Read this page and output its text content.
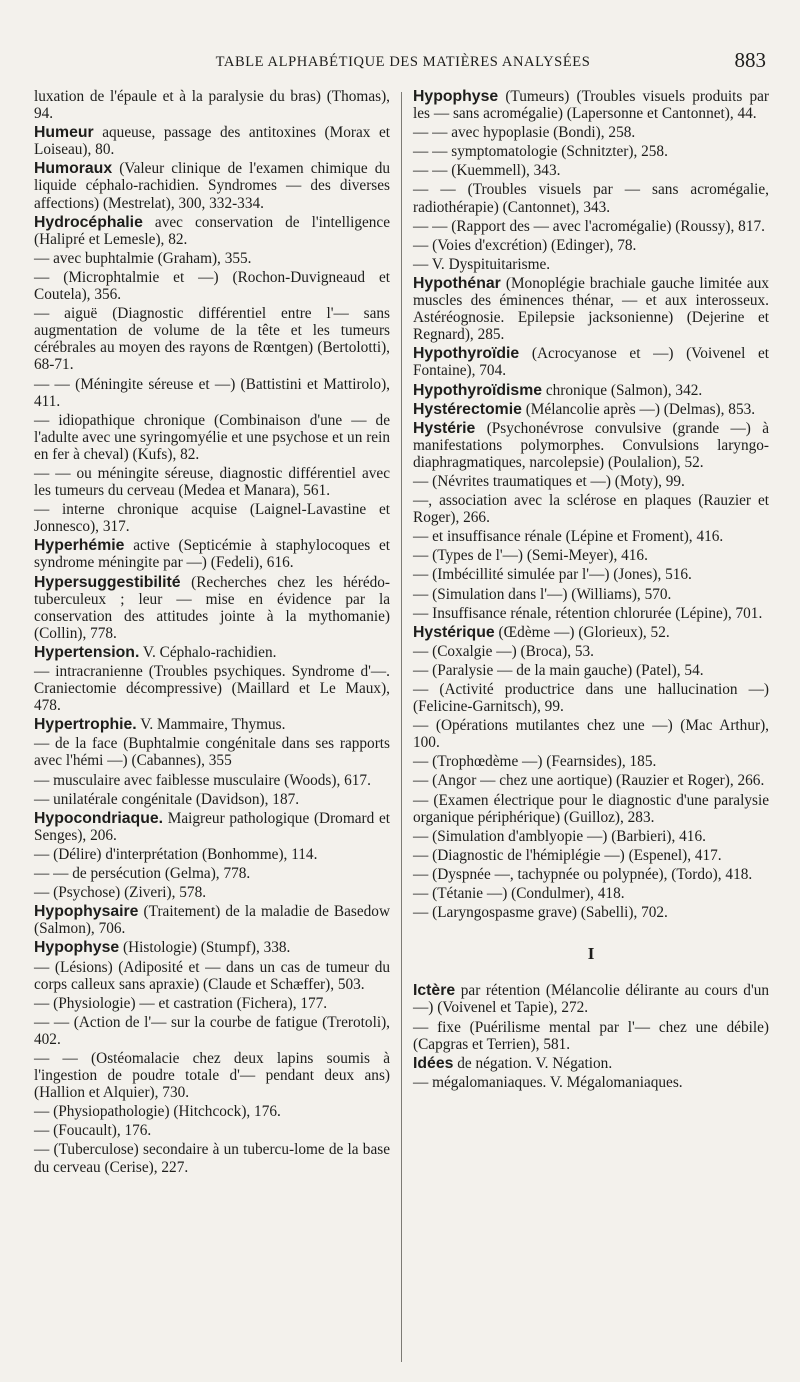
TABLE ALPHABÉTIQUE DES MATIÈRES ANALYSÉES	883

luxation de l'épaule et à la paralysie du bras) (Thomas), 94.

Humeur aqueuse, passage des antitoxines (Morax et Loiseau), 80.

Humoraux (Valeur clinique de l'examen chimique du liquide céphalo-rachidien. Syndromes — des diverses affections) (Mestrelat), 300, 332-334.

Hydrocéphalie avec conservation de l'intelligence (Halipré et Lemesle), 82.

— avec buphtalmie (Graham), 355.

— (Microphtalmie et —) (Rochon-Duvigneaud et Coutela), 356.

— aiguë (Diagnostic différentiel entre l'— sans augmentation de volume de la tête et les tumeurs cérébrales au moyen des rayons de Rœntgen) (Bertolotti), 68-71.

— — (Méningite séreuse et —) (Battistini et Mattirolo), 411.

— idiopathique chronique (Combinaison d'une — de l'adulte avec une syringomyélie et une psychose et un rein en fer à cheval) (Kufs), 82.

— — ou méningite séreuse, diagnostic différentiel avec les tumeurs du cerveau (Medea et Manara), 561.

— interne chronique acquise (Laignel-Lavastine et Jonnesco), 317.

Hyperhémie active (Septicémie à staphylocoques et syndrome méningite par —) (Fedeli), 616.

Hypersuggestibilité (Recherches chez les hérédo-tuberculeux ; leur — mise en évidence par la conservation des attitudes jointe à la mythomanie) (Collin), 778.

Hypertension. V. Céphalo-rachidien.

— intracranienne (Troubles psychiques. Syndrome d'—. Craniectomie décompressive) (Maillard et Le Maux), 478.

Hypertrophie. V. Mammaire, Thymus.

— de la face (Buphtalmie congénitale dans ses rapports avec l'hémi —) (Cabannes), 355

— musculaire avec faiblesse musculaire (Woods), 617.

— unilatérale congénitale (Davidson), 187.

Hypocondriaque. Maigreur pathologique (Dromard et Senges), 206.

— (Délire) d'interprétation (Bonhomme), 114.

— — de persécution (Gelma), 778.

— (Psychose) (Ziveri), 578.

Hypophysaire (Traitement) de la maladie de Basedow (Salmon), 706.

Hypophyse (Histologie) (Stumpf), 338.

— (Lésions) (Adiposité et — dans un cas de tumeur du corps calleux sans apraxie) (Claude et Schæffer), 503.

— (Physiologie) — et castration (Fichera), 177.

— — (Action de l'— sur la courbe de fatigue (Trerotoli), 402.

— — (Ostéomalacie chez deux lapins soumis à l'ingestion de poudre totale d'— pendant deux ans) (Hallion et Alquier), 730.

— (Physiopathologie) (Hitchcock), 176.

— (Foucault), 176.

— (Tuberculose) secondaire à un tubercu-lome de la base du cerveau (Cerise), 227.

Hypophyse (Tumeurs) (Troubles visuels produits par les — sans acromégalie) (Lapersonne et Cantonnet), 44.

— — avec hypoplasie (Bondi), 258.

— — symptomatologie (Schnitzter), 258.

— — (Kuemmell), 343.

— — (Troubles visuels par — sans acromégalie, radiothérapie) (Cantonnet), 343.

— — (Rapport des — avec l'acromégalie) (Roussy), 817.

— (Voies d'excrétion) (Edinger), 78.

— V. Dyspituitarisme.

Hypothénar (Monoplégie brachiale gauche limitée aux muscles des éminences thénar, — et aux interosseux. Astéréognosie. Epilepsie jacksonienne) (Dejerine et Regnard), 285.

Hypothyroïdie (Acrocyanose et —) (Voivenel et Fontaine), 704.

Hypothyroïdisme chronique (Salmon), 342.

Hystérectomie (Mélancolie après —) (Delmas), 853.

Hystérie (Psychonévrose convulsive (grande —) à manifestations polymorphes. Convulsions laryngo-diaphragmatiques, narcolepsie) (Poulalion), 52.

— (Névrites traumatiques et —) (Moty), 99.

—, association avec la sclérose en plaques (Rauzier et Roger), 266.

— et insuffisance rénale (Lépine et Froment), 416.

— (Types de l'—) (Semi-Meyer), 416.

— (Imbécillité simulée par l'—) (Jones), 516.

— (Simulation dans l'—) (Williams), 570.

— Insuffisance rénale, rétention chlorurée (Lépine), 701.

Hystérique (Œdème —) (Glorieux), 52.

— (Coxalgie —) (Broca), 53.

— (Paralysie — de la main gauche) (Patel), 54.

— (Activité productrice dans une hallucination —) (Felicine-Garnitsch), 99.

— (Opérations mutilantes chez une —) (Mac Arthur), 100.

— (Trophœdème —) (Fearnsides), 185.

— (Angor — chez une aortique) (Rauzier et Roger), 266.

— (Examen électrique pour le diagnostic d'une paralysie organique périphérique) (Guilloz), 283.

— (Simulation d'amblyopie —) (Barbieri), 416.

— (Diagnostic de l'hémiplégie —) (Espenel), 417.

— (Dyspnée —, tachypnée ou polypnée), (Tordo), 418.

— (Tétanie —) (Condulmer), 418.

— (Laryngospasme grave) (Sabelli), 702.

I

Ictère par rétention (Mélancolie délirante au cours d'un —) (Voivenel et Tapie), 272.

— fixe (Puérilisme mental par l'— chez une débile) (Capgras et Terrien), 581.

Idées de négation. V. Négation.

— mégalomaniaques. V. Mégalomaniaques.
